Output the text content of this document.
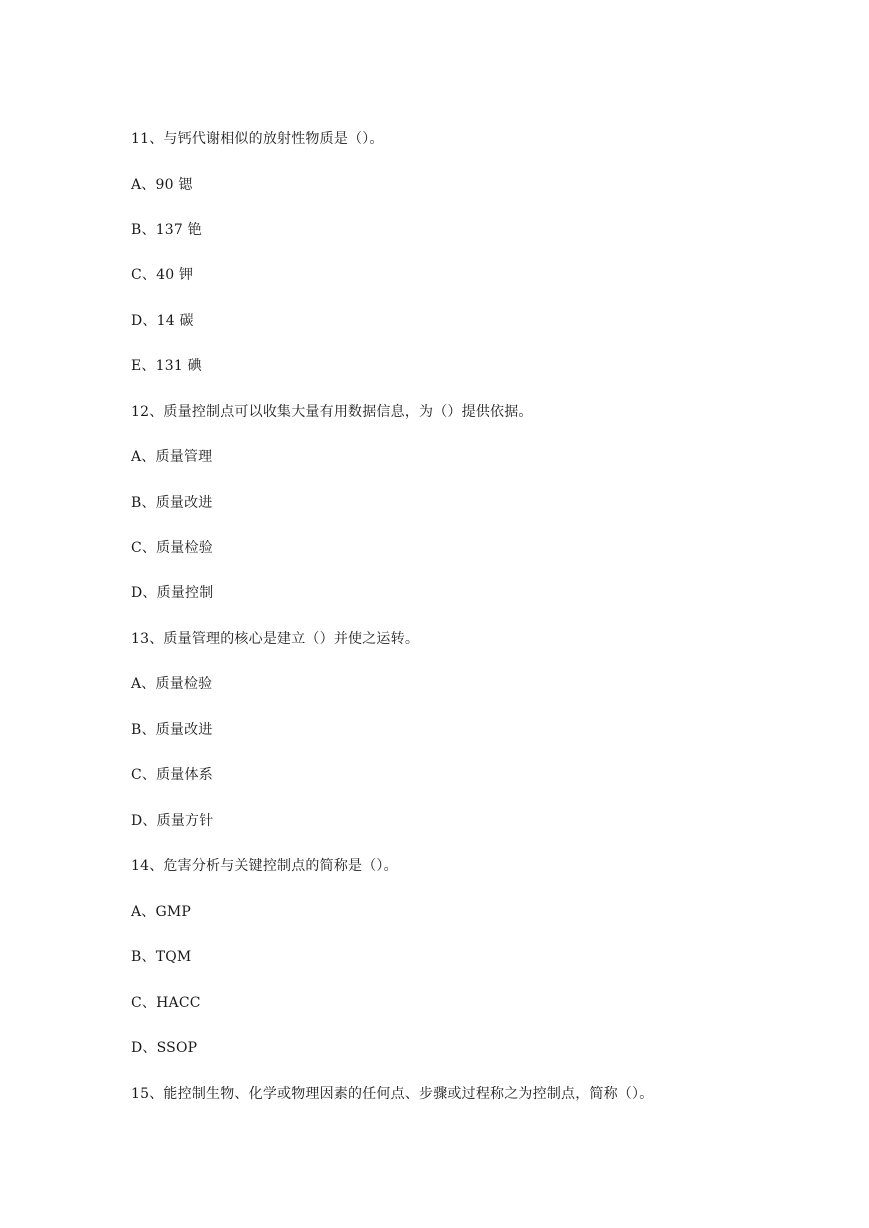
11、与钙代谢相似的放射性物质是（）。
A、90 锶
B、137 铯
C、40 钾
D、14 碳
E、131 碘
12、质量控制点可以收集大量有用数据信息，为（）提供依据。
A、质量管理
B、质量改进
C、质量检验
D、质量控制
13、质量管理的核心是建立（）并使之运转。
A、质量检验
B、质量改进
C、质量体系
D、质量方针
14、危害分析与关键控制点的简称是（）。
A、GMP
B、TQM
C、HACC
D、SSOP
15、能控制生物、化学或物理因素的任何点、步骤或过程称之为控制点，简称（）。
